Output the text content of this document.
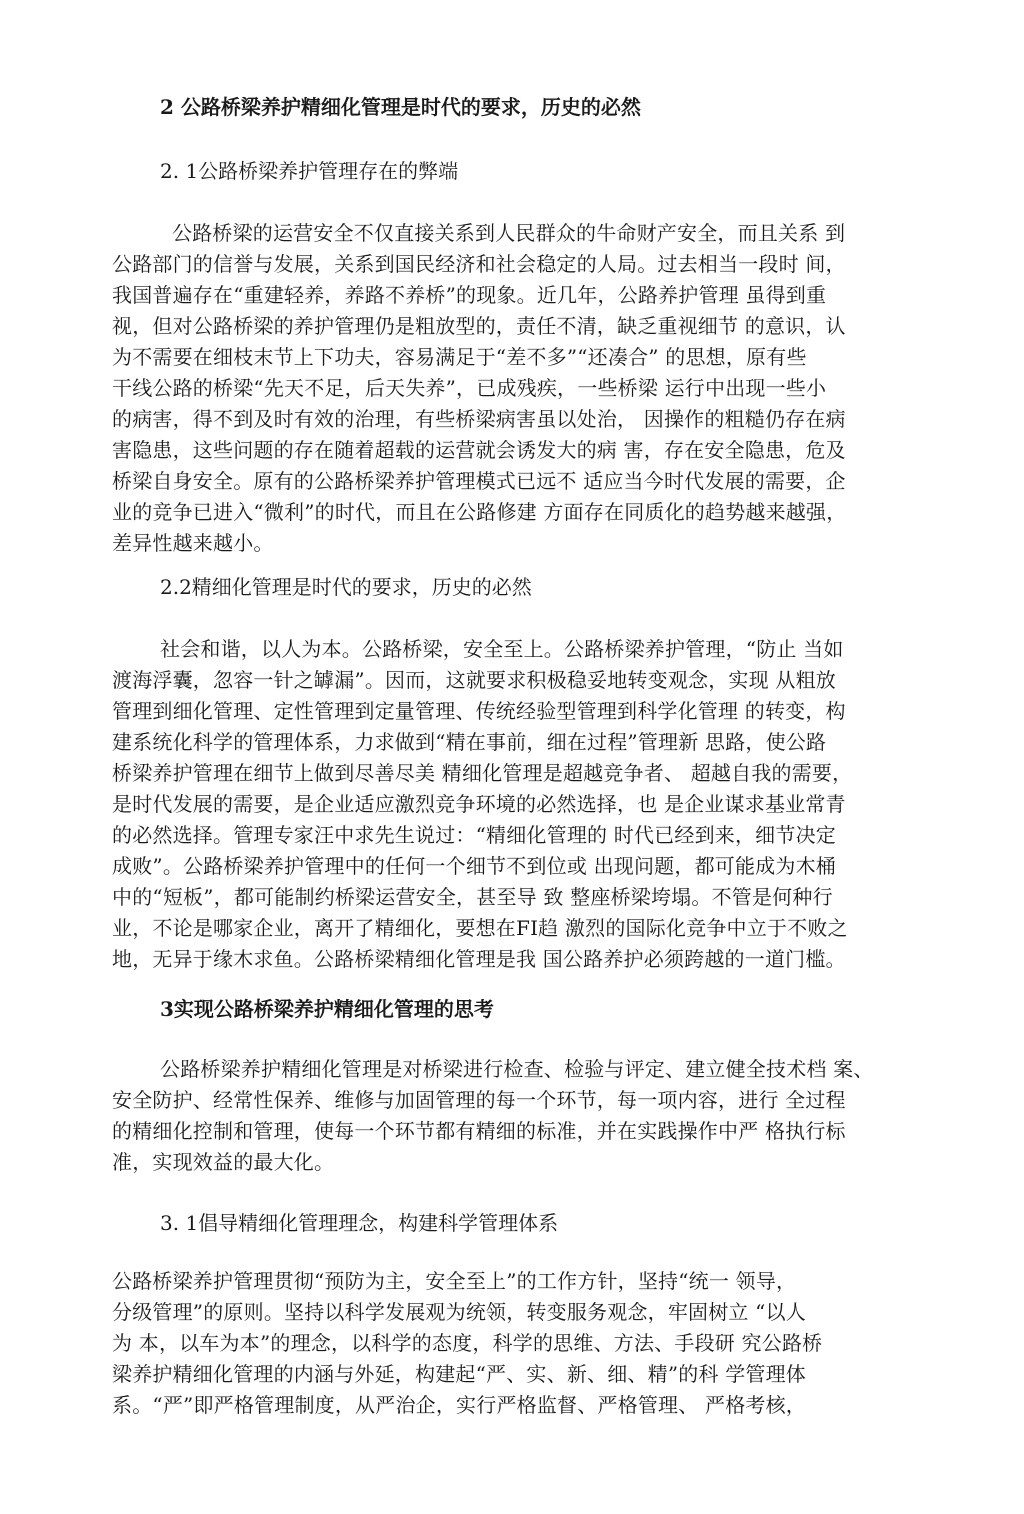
2 公路桥梁养护精细化管理是时代的要求，历史的必然
2. 1公路桥梁养护管理存在的弊端
公路桥梁的运营安全不仅直接关系到人民群众的牛命财产安全，而且关系 到
公路部门的信誉与发展，关系到国民经济和社会稳定的人局。过去相当一段时 间，
我国普遍存在“重建轻养，养路不养桥”的现象。近几年，公路养护管理 虽得到重
视，但对公路桥梁的养护管理仍是粗放型的，责任不清，缺乏重视细节 的意识，认
为不需要在细枝末节上下功夫，容易满足于“差不多”“还凑合” 的思想，原有些
干线公路的桥梁“先天不足，后天失养”，已成残疾，一些桥梁 运行中出现一些小
的病害，得不到及时有效的治理，有些桥梁病害虽以处治， 因操作的粗糙仍存在病
害隐患，这些问题的存在随着超载的运营就会诱发大的病 害，存在安全隐患，危及
桥梁自身安全。原有的公路桥梁养护管理模式已远不 适应当今时代发展的需要，企
业的竞争已进入“微利”的时代，而且在公路修建 方面存在同质化的趋势越来越强，
差异性越来越小。
2.2精细化管理是时代的要求，历史的必然
社会和谐，以人为本。公路桥梁，安全至上。公路桥梁养护管理，“防止 当如
渡海浮囊，忽容一针之罅漏”。因而，这就要求积极稳妥地转变观念，实现 从粗放
管理到细化管理、定性管理到定量管理、传统经验型管理到科学化管理 的转变，构
建系统化科学的管理体系，力求做到“精在事前，细在过程”管理新 思路，使公路
桥梁养护管理在细节上做到尽善尽美 精细化管理是超越竞争者、 超越自我的需要，
是时代发展的需要，是企业适应激烈竞争环境的必然选择，也 是企业谋求基业常青
的必然选择。管理专家汪中求先生说过：“精细化管理的 时代已经到来，细节决定
成败”。公路桥梁养护管理中的任何一个细节不到位或 出现问题，都可能成为木桶
中的“短板”，都可能制约桥梁运营安全，甚至导 致 整座桥梁垮塌。不管是何种行
业，不论是哪家企业，离开了精细化，要想在FI趋 激烈的国际化竞争中立于不败之
地，无异于缘木求鱼。公路桥梁精细化管理是我 国公路养护必须跨越的一道门槛。
3实现公路桥梁养护精细化管理的思考
公路桥梁养护精细化管理是对桥梁进行检查、检验与评定、建立健全技术档 案、
安全防护、经常性保养、维修与加固管理的每一个环节，每一项内容，进行 全过程
的精细化控制和管理，使每一个环节都有精细的标准，并在实践操作中严 格执行标
准，实现效益的最大化。
3. 1倡导精细化管理理念，构建科学管理体系
公路桥梁养护管理贯彻“预防为主，安全至上”的工作方针，坚持“统一 领导，
分级管理”的原则。坚持以科学发展观为统领，转变服务观念，牢固树立 “以人
为 本，以车为本”的理念，以科学的态度，科学的思维、方法、手段研 究公路桥
梁养护精细化管理的内涵与外延，构建起“严、实、新、细、精”的科 学管理体
系。“严”即严格管理制度，从严治企，实行严格监督、严格管理、 严格考核，
